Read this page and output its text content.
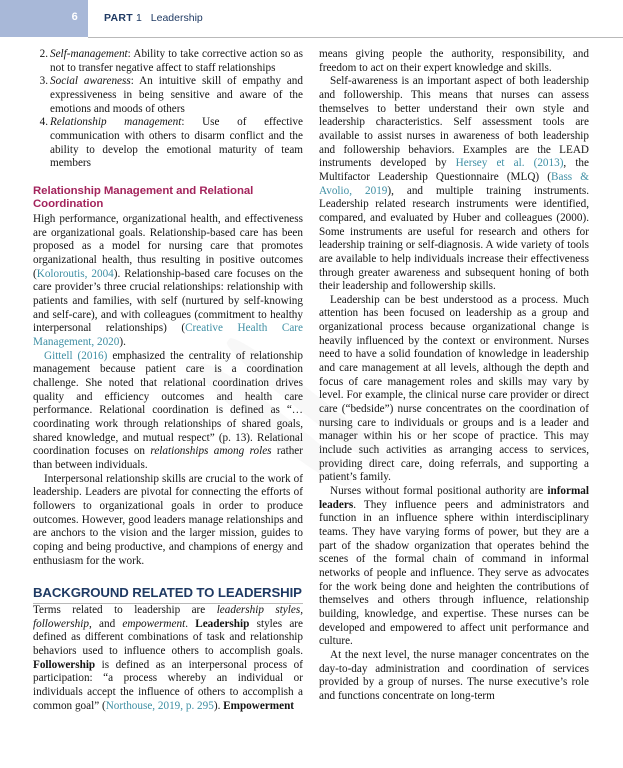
6 PART 1 Leadership
2. Self-management: Ability to take corrective action so as not to transfer negative affect to staff relationships
3. Social awareness: An intuitive skill of empathy and expressiveness in being sensitive and aware of the emotions and moods of others
4. Relationship management: Use of effective communication with others to disarm conflict and the ability to develop the emotional maturity of team members
Relationship Management and Relational Coordination

High performance, organizational health, and effectiveness are organizational goals. Relationship-based care has been proposed as a model for nursing care that promotes organizational health, thus resulting in positive outcomes (Koloroutis, 2004). Relationship-based care focuses on the care provider’s three crucial relationships: relationship with patients and families, with self (nurtured by self-knowing and self-care), and with colleagues (commitment to healthy interpersonal relationships) (Creative Health Care Management, 2020).

Gittell (2016) emphasized the centrality of relationship management because patient care is a coordination challenge. She noted that relational coordination drives quality and efficiency outcomes and health care performance. Relational coordination is defined as “… coordinating work through relationships of shared goals, shared knowledge, and mutual respect” (p. 13). Relational coordination focuses on relationships among roles rather than between individuals.

Interpersonal relationship skills are crucial to the work of leadership. Leaders are pivotal for connecting the efforts of followers to organizational goals in order to produce outcomes. However, good leaders manage relationships and are anchors to the vision and the larger mission, guides to coping and being productive, and champions of energy and enthusiasm for the work.

BACKGROUND RELATED TO LEADERSHIP

Terms related to leadership are leadership styles, followership, and empowerment. Leadership styles are defined as different combinations of task and relationship behaviors used to influence others to accomplish goals. Followership is defined as an interpersonal process of participation: “a process whereby an individual or individuals accept the influence of others to accomplish a common goal” (Northouse, 2019, p. 295). Empowerment

means giving people the authority, responsibility, and freedom to act on their expert knowledge and skills.

Self-awareness is an important aspect of both leadership and followership. This means that nurses can assess themselves to better understand their own style and leadership characteristics. Self assessment tools are available to assist nurses in awareness of both leadership and followership behaviors. Examples are the LEAD instruments developed by Hersey et al. (2013), the Multifactor Leadership Questionnaire (MLQ) (Bass & Avolio, 2019), and multiple training instruments. Leadership related research instruments were identified, compared, and evaluated by Huber and colleagues (2000). Some instruments are useful for research and others for leadership training or self-diagnosis. A wide variety of tools are available to help individuals increase their effectiveness through greater awareness and subsequent honing of both their leadership and followership skills.

Leadership can be best understood as a process. Much attention has been focused on leadership as a group and organizational process because organizational change is heavily influenced by the context or environment. Nurses need to have a solid foundation of knowledge in leadership and care management at all levels, although the depth and focus of care management roles and skills may vary by level. For example, the clinical nurse care provider or direct care (“bedside”) nurse concentrates on the coordination of nursing care to individuals or groups and is a leader and manager within his or her scope of practice. This may include such activities as arranging access to services, providing direct care, doing referrals, and supporting a patient’s family.

Nurses without formal positional authority are informal leaders. They influence peers and administrators and function in an influence sphere within interdisciplinary teams. They have varying forms of power, but they are a part of the shadow organization that operates behind the scenes of the formal chain of command in informal networks of people and influence. They serve as advocates for the work being done and heighten the contributions of themselves and others through influence, relationship building, knowledge, and expertise. These nurses can be developed and empowered to affect unit performance and culture.

At the next level, the nurse manager concentrates on the day-to-day administration and coordination of services provided by a group of nurses. The nurse executive’s role and functions concentrate on long-term
